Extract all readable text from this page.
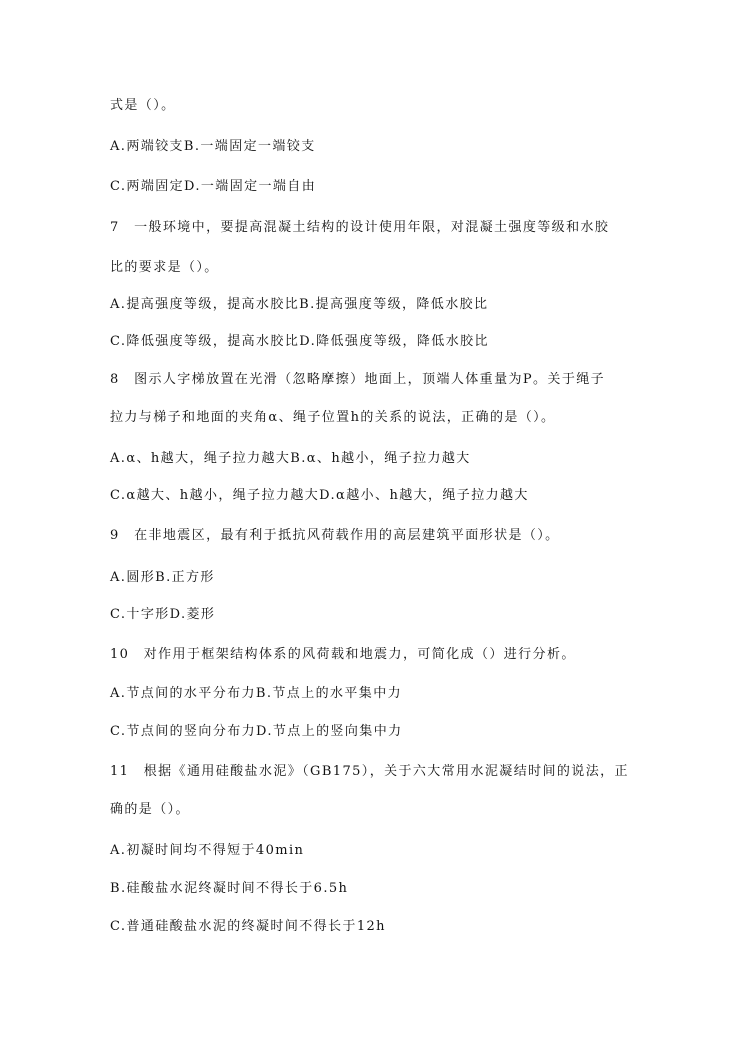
式是（）。
A.两端铰支B.一端固定一端铰支
C.两端固定D.一端固定一端自由
7　一般环境中，要提高混凝土结构的设计使用年限，对混凝土强度等级和水胶
比的要求是（）。
A.提高强度等级，提高水胶比B.提高强度等级，降低水胶比
C.降低强度等级，提高水胶比D.降低强度等级，降低水胶比
8　图示人字梯放置在光滑（忽略摩擦）地面上，顶端人体重量为P。关于绳子
拉力与梯子和地面的夹角α、绳子位置h的关系的说法，正确的是（）。
A.α、h越大，绳子拉力越大B.α、h越小，绳子拉力越大
C.α越大、h越小，绳子拉力越大D.α越小、h越大，绳子拉力越大
9　在非地震区，最有利于抵抗风荷载作用的高层建筑平面形状是（）。
A.圆形B.正方形
C.十字形D.菱形
10　对作用于框架结构体系的风荷载和地震力，可简化成（）进行分析。
A.节点间的水平分布力B.节点上的水平集中力
C.节点间的竖向分布力D.节点上的竖向集中力
11　根据《通用硅酸盐水泥》（GB175），关于六大常用水泥凝结时间的说法，正
确的是（）。
A.初凝时间均不得短于40min
B.硅酸盐水泥终凝时间不得长于6.5h
C.普通硅酸盐水泥的终凝时间不得长于12h
